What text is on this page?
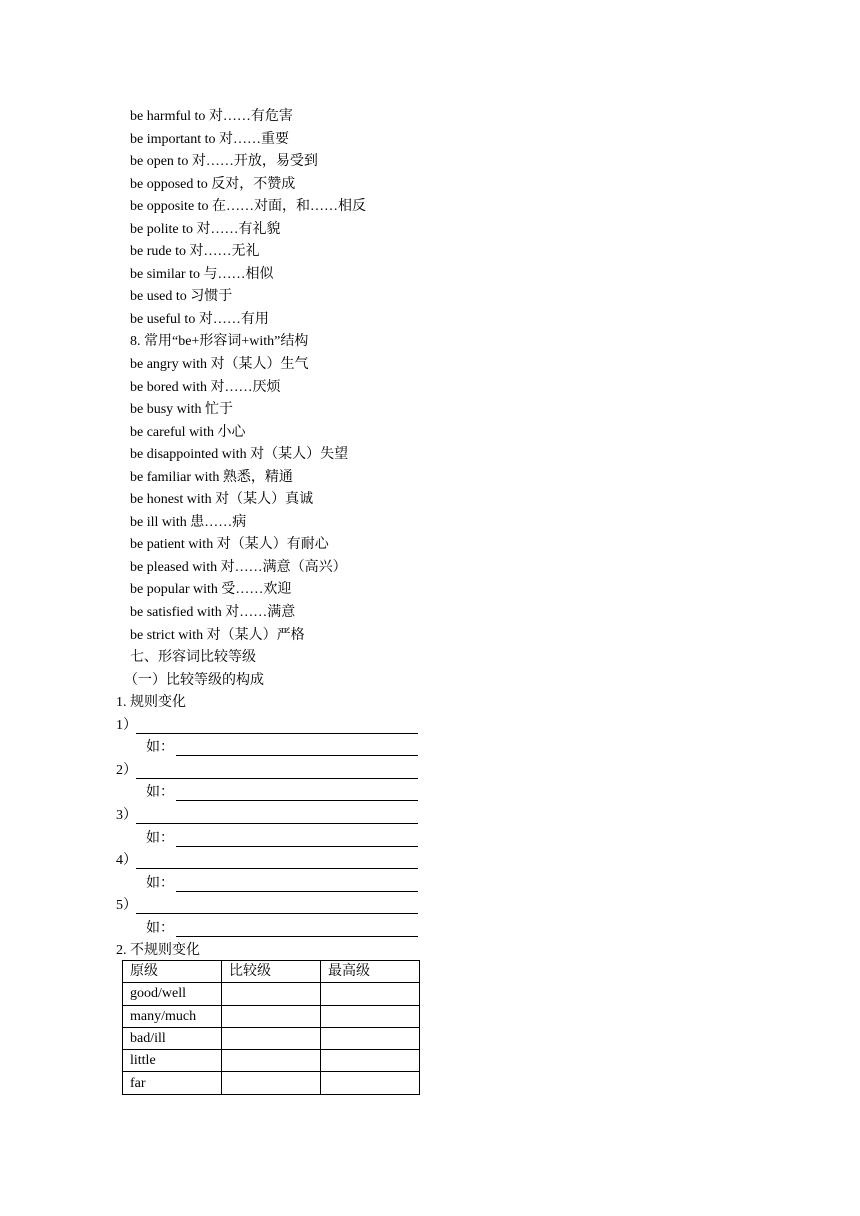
be harmful to 对……有危害
be important to 对……重要
be open to 对……开放，易受到
be opposed to 反对，不赞成
be opposite to 在……对面，和……相反
be polite to 对……有礼貌
be rude to 对……无礼
be similar to 与……相似
be used to 习惯于
be useful to 对……有用
8. 常用“be+形容词+with”结构
be angry with 对（某人）生气
be bored with 对……厌烦
be busy with 忙于
be careful with 小心
be disappointed with 对（某人）失望
be familiar with 熟悉，精通
be honest with 对（某人）真诚
be ill with 患……病
be patient with 对（某人）有耐心
be pleased with 对……满意（高兴）
be popular with 受……欢迎
be satisfied with 对……满意
be strict with 对（某人）严格
七、形容词比较等级
（一）比较等级的构成
1. 规则变化
1）
如：
2）
如：
3）
如：
4）
如：
5）
如：
2. 不规则变化
原级	比较级	最高级
good/well		
many/much		
bad/ill		
little		
far		
